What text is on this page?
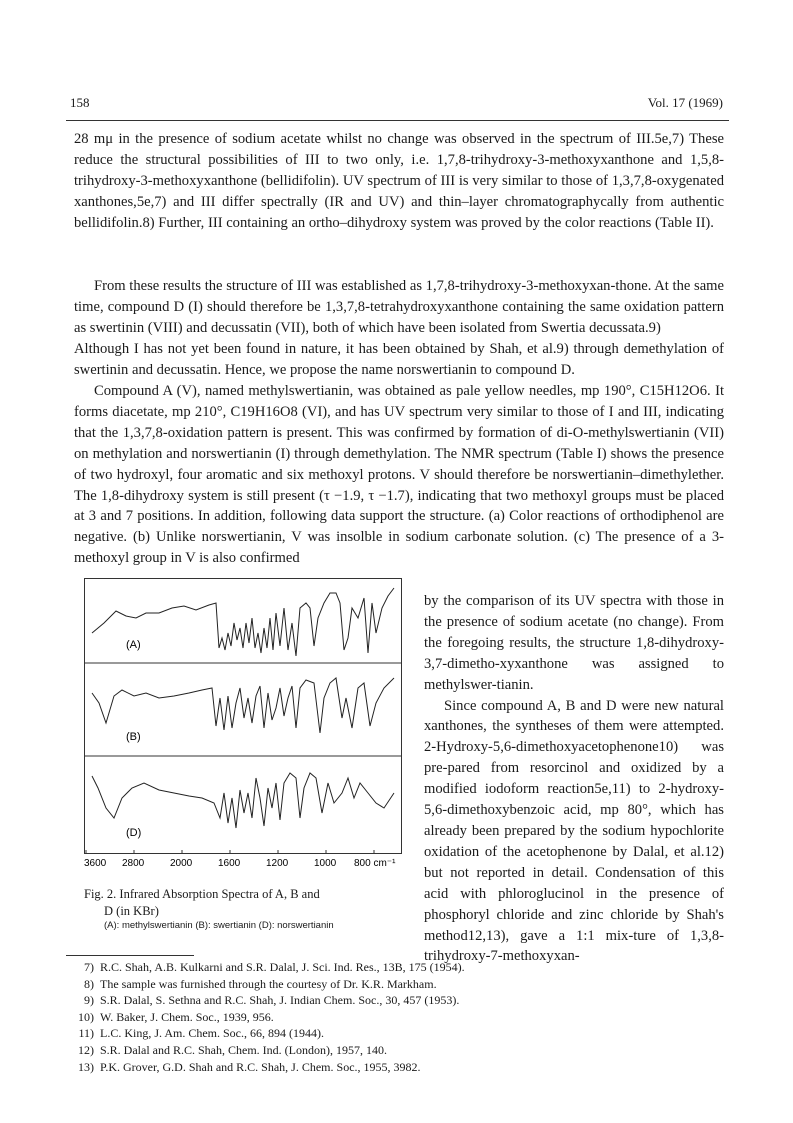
158	Vol. 17 (1969)

28 mμ in the presence of sodium acetate whilst no change was observed in the spectrum of III.5e,7) These reduce the structural possibilities of III to two only, i.e. 1,7,8-trihydroxy-3-methoxyxanthone and 1,5,8-trihydroxy-3-methoxyxanthone (bellidifolin). UV spectrum of III is very similar to those of 1,3,7,8-oxygenated xanthones,5e,7) and III differ spectrally (IR and UV) and thin–layer chromatographycally from authentic bellidifolin.8) Further, III containing an ortho–dihydroxy system was proved by the color reactions (Table II).

From these results the structure of III was established as 1,7,8-trihydroxy-3-methoxyxan-thone. At the same time, compound D (I) should therefore be 1,3,7,8-tetrahydroxyxanthone containing the same oxidation pattern as swertinin (VIII) and decussatin (VII), both of which have been isolated from Swertia decussata.9)

Although I has not yet been found in nature, it has been obtained by Shah, et al.9) through demethylation of swertinin and decussatin. Hence, we propose the name norswertianin to compound D.

Compound A (V), named methylswertianin, was obtained as pale yellow needles, mp 190°, C15H12O6. It forms diacetate, mp 210°, C19H16O8 (VI), and has UV spectrum very similar to those of I and III, indicating that the 1,3,7,8-oxidation pattern is present. This was confirmed by formation of di-O-methylswertianin (VII) on methylation and norswertianin (I) through demethylation. The NMR spectrum (Table I) shows the presence of two hydroxyl, four aromatic and six methoxyl protons. V should therefore be norswertianin–dimethylether. The 1,8-dihydroxy system is still present (τ −1.9, τ −1.7), indicating that two methoxyl groups must be placed at 3 and 7 positions. In addition, following data support the structure. (a) Color reactions of orthodiphenol are negative. (b) Unlike norswertianin, V was insolble in sodium carbonate solution. (c) The presence of a 3-methoxyl group in V is also confirmed

by the comparison of its UV spectra with those in the presence of sodium acetate (no change). From the foregoing results, the structure 1,8-dihydroxy-3,7-dimetho-xyxanthone was assigned to methylswer-tianin.

Since compound A, B and D were new natural xanthones, the syntheses of them were attempted. 2-Hydroxy-5,6-dimethoxyacetophenone10) was pre-pared from resorcinol and oxidized by a modified iodoform reaction5e,11) to 2-hydroxy-5,6-dimethoxybenzoic acid, mp 80°, which has already been prepared by the sodium hypochlorite oxidation of the acetophenone by Dalal, et al.12) but not reported in detail. Condensation of this acid with phloroglucinol in the presence of phosphoryl chloride and zinc chloride by Shah's method12,13), gave a 1:1 mix-ture of 1,3,8-trihydroxy-7-methoxyxan-

(A)
(B)
(D)
3600 2800	2000	1600	1200	1000 800 cm⁻¹

Fig. 2. Infrared Absorption Spectra of A, B and
D (in KBr)

(A): methylswertianin (B): swertianin (D): norswertianin
7) R.C. Shah, A.B. Kulkarni and S.R. Dalal, J. Sci. Ind. Res., 13B, 175 (1954).
8) The sample was furnished through the courtesy of Dr. K.R. Markham.
9) S.R. Dalal, S. Sethna and R.C. Shah, J. Indian Chem. Soc., 30, 457 (1953).
10) W. Baker, J. Chem. Soc., 1939, 956.
11) L.C. King, J. Am. Chem. Soc., 66, 894 (1944).
12) S.R. Dalal and R.C. Shah, Chem. Ind. (London), 1957, 140.
13) P.K. Grover, G.D. Shah and R.C. Shah, J. Chem. Soc., 1955, 3982.
